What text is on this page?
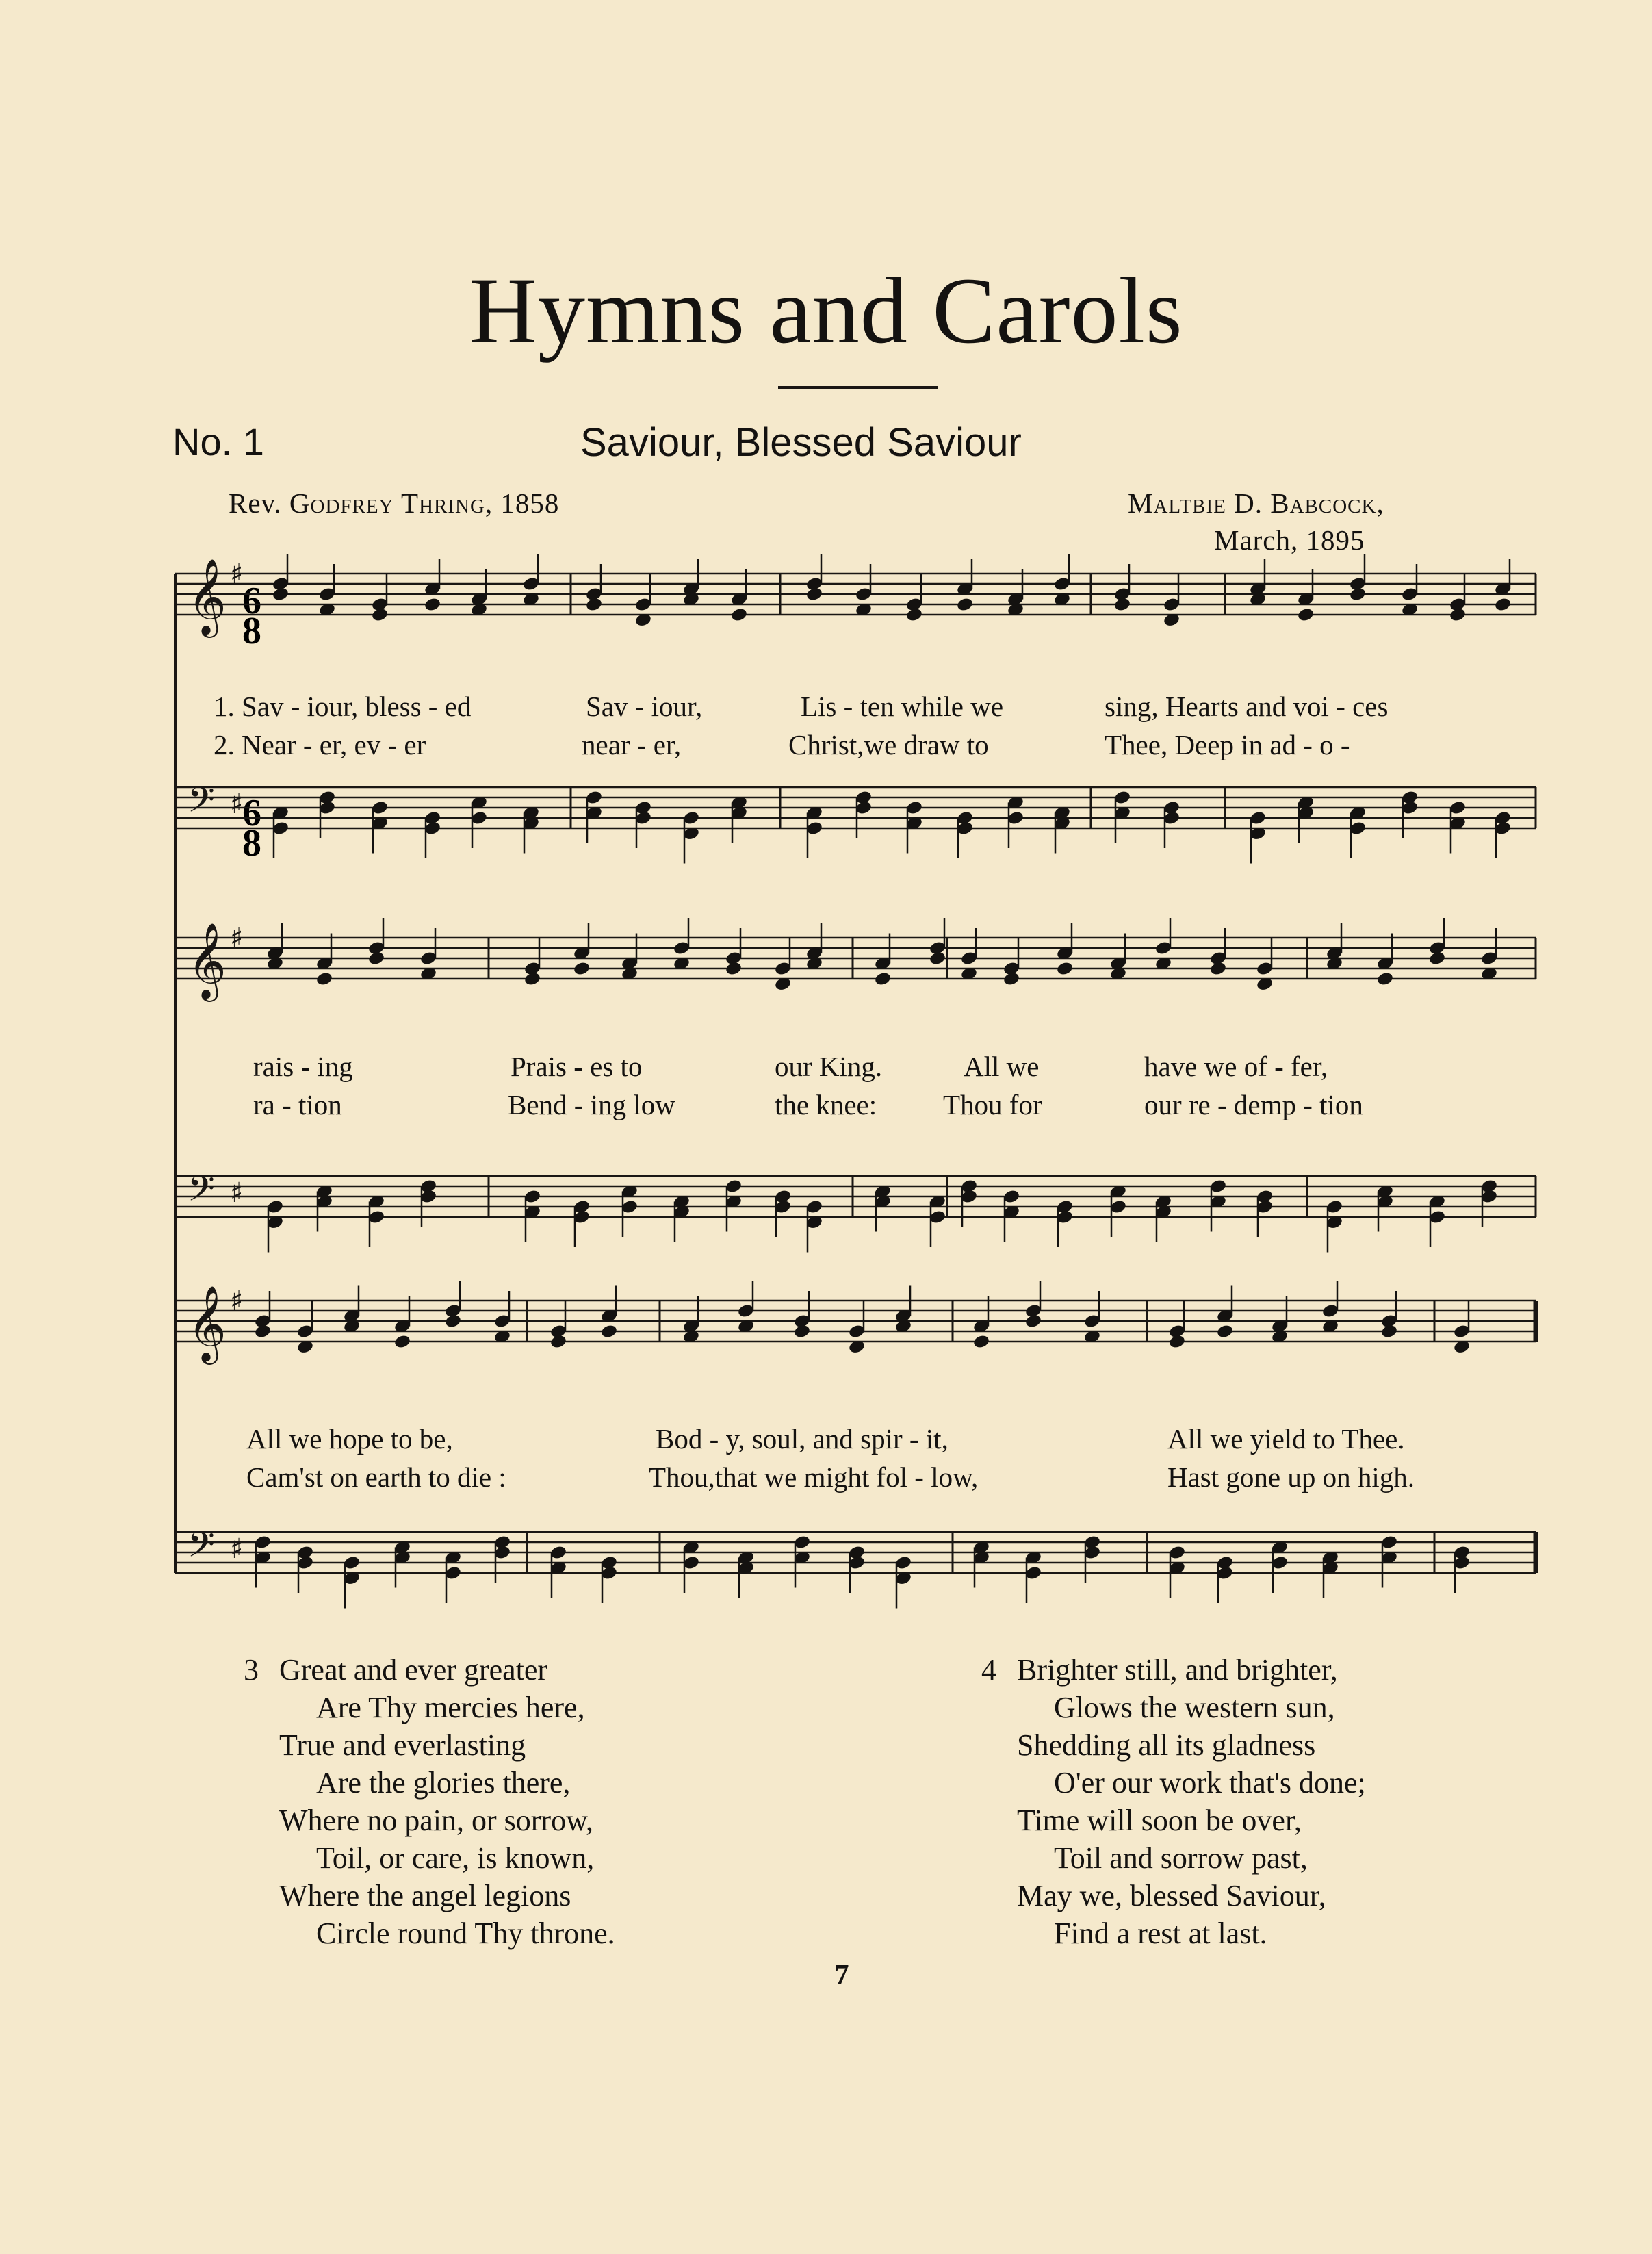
Hymns and Carols
No. 1	Saviour, Blessed Saviour
Rev. Godfrey Thring, 1858	Maltbie D. Babcock,
March, 1895
6
8
6
8
𝄞 ♯
𝄢 ♯
𝄞 ♯
𝄢 ♯
𝄞 ♯
𝄢 ♯
1. Sav - iour, bless - ed	Sav - iour,	Lis - ten while we	sing, Hearts and voi - ces
2. Near - er, ev - er	near - er,	Christ,we draw to	Thee, Deep in ad - o -
rais - ing	Prais - es to	our King.	All we	have we of - fer,
ra - tion	Bend - ing low	the knee: Thou for	our re - demp - tion
All we hope to be,	Bod - y, soul, and spir - it,	All we yield to Thee.
Cam'st on earth to die :	Thou,that we might fol - low,	Hast gone up on high.
3 Great and ever greater
Are Thy mercies here,
True and everlasting
Are the glories there,
Where no pain, or sorrow,
Toil, or care, is known,
Where the angel legions
Circle round Thy throne.
4 Brighter still, and brighter,
Glows the western sun,
Shedding all its gladness
O'er our work that's done;
Time will soon be over,
Toil and sorrow past,
May we, blessed Saviour,
Find a rest at last.
7
